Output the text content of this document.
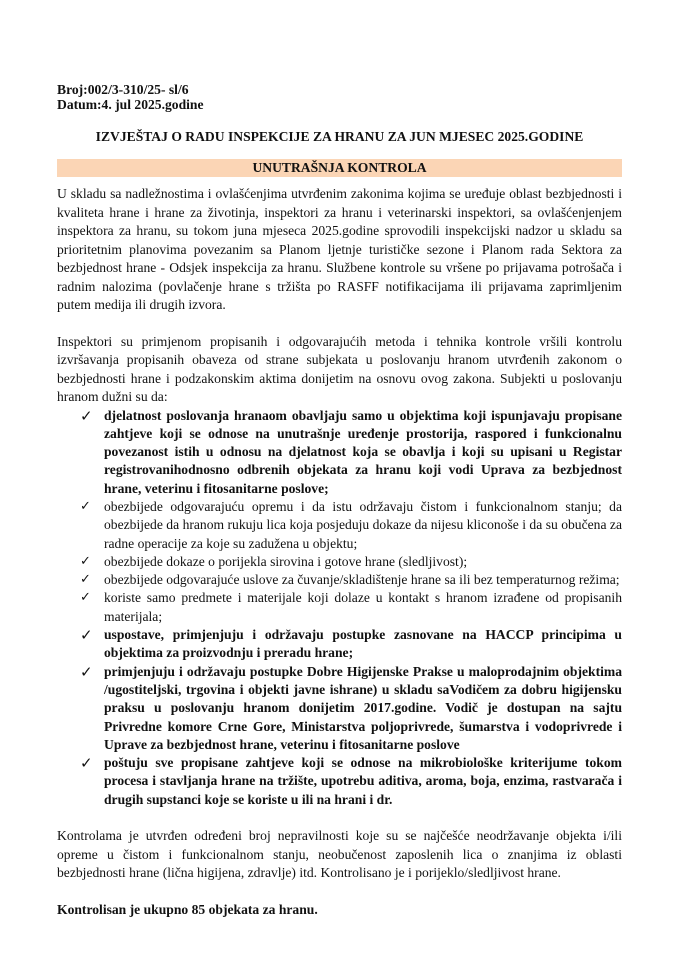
Broj:002/3-310/25- sl/6

Datum:4. jul 2025.godine

IZVJEŠTAJ O RADU INSPEKCIJE ZA HRANU ZA JUN MJESEC 2025.GODINE

UNUTRAŠNJA KONTROLA

U skladu sa nadležnostima i ovlašćenjima utvrđenim zakonima kojima se uređuje oblast bezbjednosti i kvaliteta hrane i hrane za životinja, inspektori za hranu i veterinarski inspektori, sa ovlašćenjenjem inspektora za hranu, su tokom juna mjeseca 2025.godine sprovodili inspekcijski nadzor u skladu sa prioritetnim planovima povezanim sa Planom ljetnje turističke sezone i Planom rada Sektora za bezbjednost hrane - Odsjek inspekcija za hranu. Službene kontrole su vršene po prijavama potrošača i radnim nalozima (povlačenje hrane s tržišta po RASFF notifikacijama ili prijavama zaprimljenim putem medija ili drugih izvora.

Inspektori su primjenom propisanih i odgovarajućih metoda i tehnika kontrole vršili kontrolu izvršavanja propisanih obaveza od strane subjekata u poslovanju hranom utvrđenih zakonom o bezbjednosti hrane i podzakonskim aktima donijetim na osnovu ovog zakona. Subjekti u poslovanju hranom dužni su da:

✓ djelatnost poslovanja hranaom obavljaju samo u objektima koji ispunjavaju propisane zahtjeve koji se odnose na unutrašnje uređenje prostorija, raspored i funkcionalnu povezanost istih u odnosu na djelatnost koja se obavlja i koji su upisani u Registar registrovanihodnosno odbrenih objekata za hranu koji vodi Uprava za bezbjednost hrane, veterinu i fitosanitarne poslove;
✓ obezbijede odgovarajuću opremu i da istu održavaju čistom i funkcionalnom stanju; da obezbijede da hranom rukuju lica koja posjeduju dokaze da nijesu kliconoše i da su obučena za radne operacije za koje su zadužena u objektu;
✓ obezbijede dokaze o porijekla sirovina i gotove hrane (sledljivost);
✓ obezbijede odgovarajuće uslove za čuvanje/skladištenje hrane sa ili bez temperaturnog režima;
✓ koriste samo predmete i materijale koji dolaze u kontakt s hranom izrađene od propisanih materijala;
✓ uspostave, primjenjuju i održavaju postupke zasnovane na HACCP principima u objektima za proizvodnju i preradu hrane;
✓ primjenjuju i održavaju postupke Dobre Higijenske Prakse u maloprodajnim objektima /ugostiteljski, trgovina i objekti javne ishrane) u skladu saVodičem za dobru higijensku praksu u poslovanju hranom donijetim 2017.godine. Vodič je dostupan na sajtu Privredne komore Crne Gore, Ministarstva poljoprivrede, šumarstva i vodoprivrede i Uprave za bezbjednost hrane, veterinu i fitosanitarne poslove
✓ poštuju sve propisane zahtjeve koji se odnose na mikrobiološke kriterijume tokom procesa i stavljanja hrane na tržište, upotrebu aditiva, aroma, boja, enzima, rastvarača i drugih supstanci koje se koriste u ili na hrani i dr.

Kontrolama je utvrđen određeni broj nepravilnosti koje su se najčešće neodržavanje objekta i/ili opreme u čistom i funkcionalnom stanju, neobučenost zaposlenih lica o znanjima iz oblasti bezbjednosti hrane (lična higijena, zdravlje) itd. Kontrolisano je i porijeklo/sledljivost hrane.

Kontrolisan je ukupno 85 objekata za hranu.
